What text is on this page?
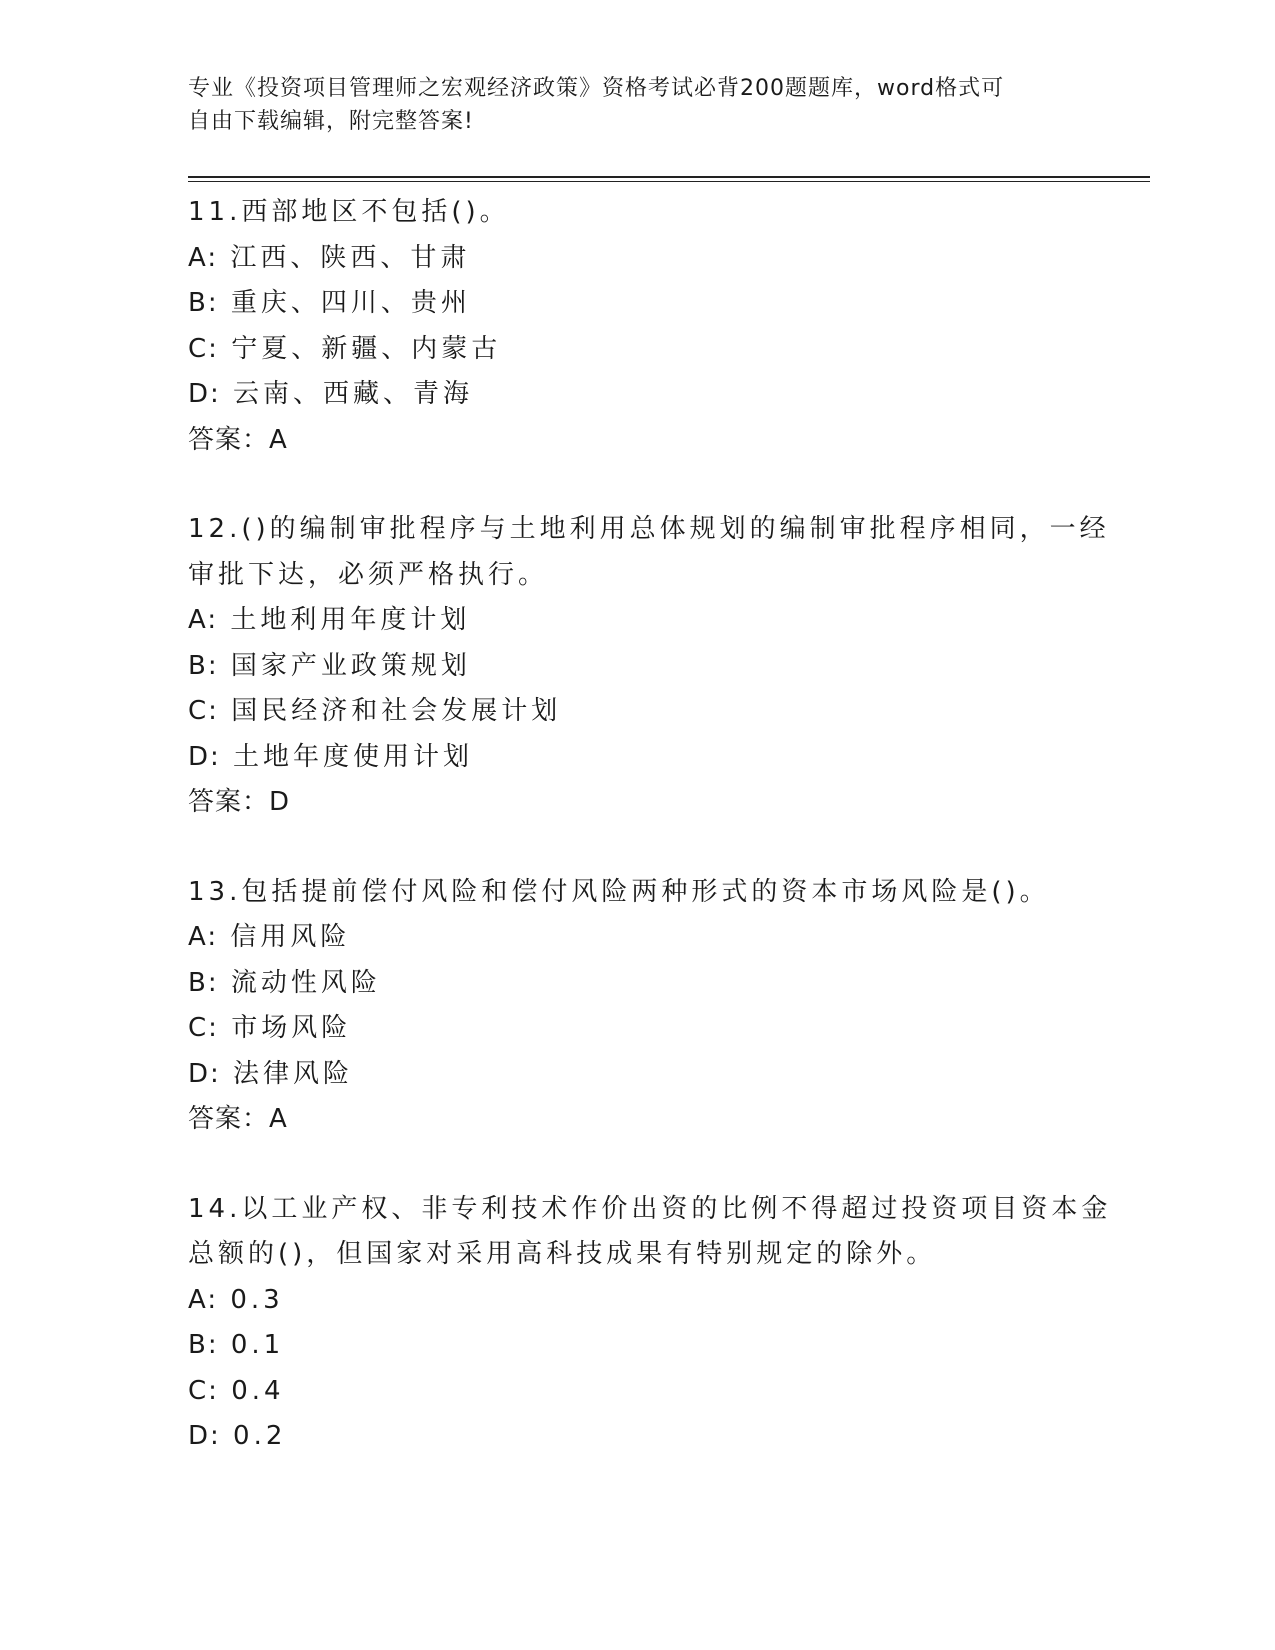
专业《投资项目管理师之宏观经济政策》资格考试必背200题题库，word格式可
自由下载编辑，附完整答案!
11.西部地区不包括()。
A: 江西、陕西、甘肃
B: 重庆、四川、贵州
C: 宁夏、新疆、内蒙古
D: 云南、西藏、青海
答案：A
12.()的编制审批程序与土地利用总体规划的编制审批程序相同，一经
审批下达，必须严格执行。
A: 土地利用年度计划
B: 国家产业政策规划
C: 国民经济和社会发展计划
D: 土地年度使用计划
答案：D
13.包括提前偿付风险和偿付风险两种形式的资本市场风险是()。
A: 信用风险
B: 流动性风险
C: 市场风险
D: 法律风险
答案：A
14.以工业产权、非专利技术作价出资的比例不得超过投资项目资本金
总额的()，但国家对采用高科技成果有特别规定的除外。
A: 0.3
B: 0.1
C: 0.4
D: 0.2
